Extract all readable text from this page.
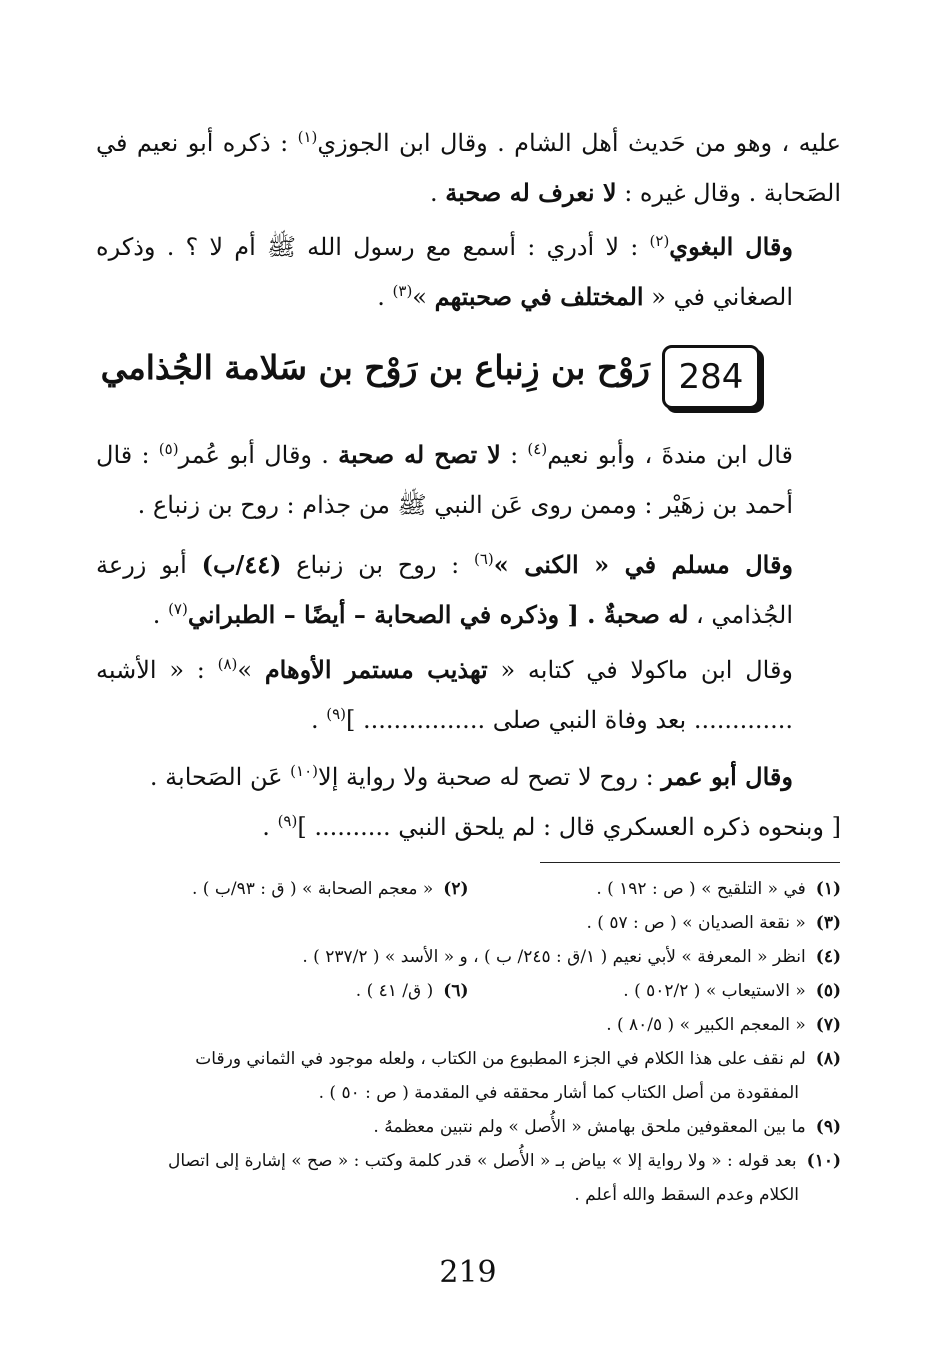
عليه ، وهو من حَديث أهل الشام . وقال ابن الجوزي$^{(١)}$ : ذكره أبو نعيم في الصَحابة . وقال غيره : لا نعرف له صحبة .

وقال البغوي$^{(٢)}$ : لا أدري : أسمع مع رسول الله ﷺ أم لا ؟ . وذكره الصغاني في « المختلف في صحبتهم »$^{(٣)}$ .

284
رَوْح بن زِنباع بن رَوْح بن سَلامة الجُذامي

قال ابن مندةَ ، وأبو نعيم$^{(٤)}$ : لا تصح له صحبة . وقال أبو عُمر$^{(٥)}$ : قال أحمد بن زهَيْر : وممن روى عَن النبي ﷺ من جذام : روح بن زنباع .

وقال مسلم في « الكنى »$^{(٦)}$ : روح بن زنباع (٤٤/ب) أبو زرعة الجُذامي ، له صحبةٌ . [ وذكره في الصحابة – أيضًا – الطبراني$^{(٧)}$ .

وقال ابن ماكولا في كتابه « تهذيب مستمر الأوهام »$^{(٨)}$ : « الأشبه ............. بعد وفاة النبي صلى ................ ]$^{(٩)}$ .

وقال أبو عمر : روح لا تصح له صحبة ولا رواية إلا$^{(١٠)}$ عَن الصَحابة .

[ وبنحوه ذكره العسكري قال : لم يلحق النبي .......... ]$^{(٩)}$ .

(١)في « التلقيح » ( ص : ١٩٢ ) .

(٢)« معجم الصحابة » ( ق : ٩٣/ب ) .

(٣)« نقعة الصديان » ( ص : ٥٧ ) .

(٤)انظر « المعرفة » لأبي نعيم ( ١/ق : ٢٤٥/ ب ) ، و « الأسد » ( ٢٣٧/٢ ) .

(٥)« الاستيعاب » ( ٥٠٢/٢ ) .

(٦)( ق/ ٤١ ) .

(٧)« المعجم الكبير » ( ٨٠/٥ ) .

(٨)لم نقف على هذا الكلام في الجزء المطبوع من الكتاب ، ولعله موجود في الثماني ورقات

المفقودة من أصل الكتاب كما أشار محققه في المقدمة ( ص : ٥٠ ) .

(٩)ما بين المعقوفين ملحق بهامش « الأُصل » ولم نتبين معظمهُ .

(١٠)بعد قوله : « ولا رواية إلا » بياض بـ « الأُصل » قدر كلمة وكتب : « صح » إشارة إلى اتصال

الكلام وعدم السقط والله أعلم .

219
